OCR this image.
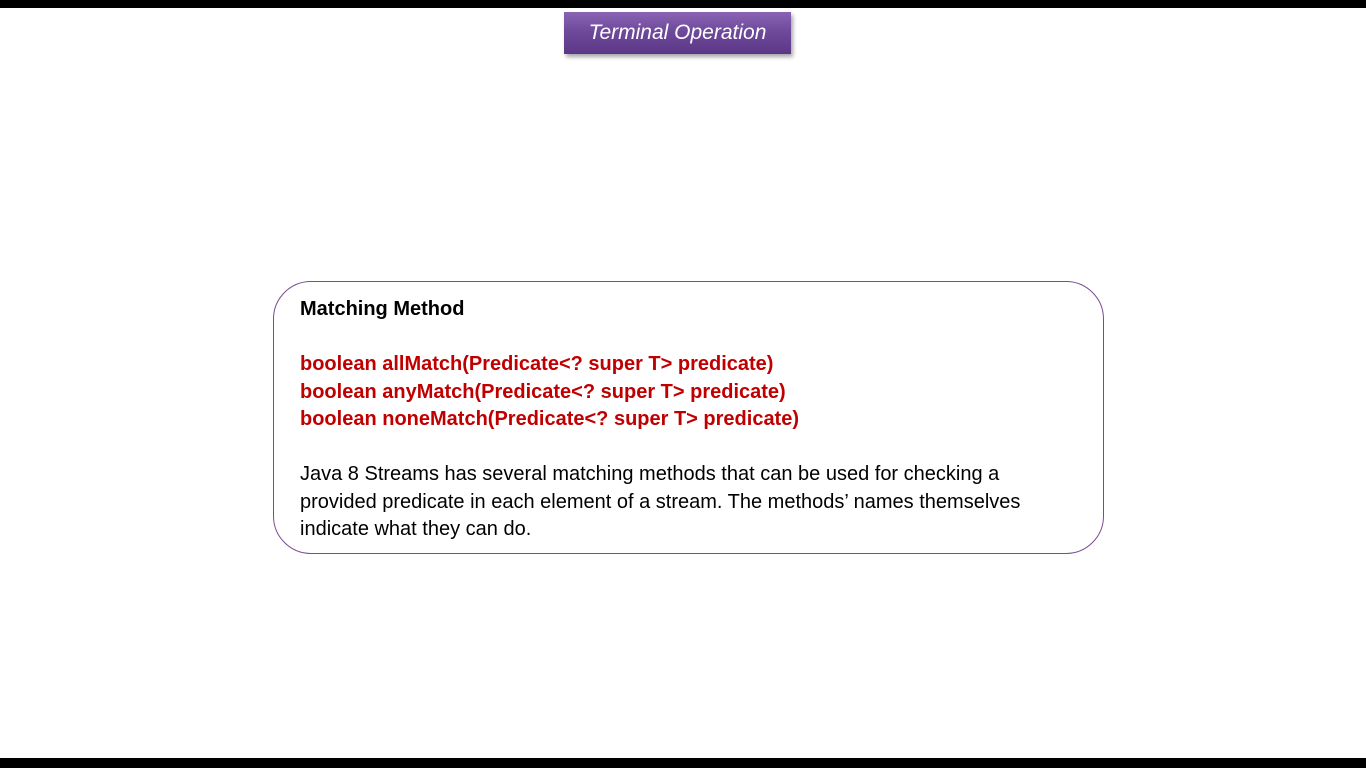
Terminal Operation
Matching Method
boolean allMatch(Predicate<? super T> predicate)
boolean anyMatch(Predicate<? super T> predicate)
boolean noneMatch(Predicate<? super T> predicate)

Java 8 Streams has several matching methods that can be used for checking a provided predicate in each element of a stream. The methods’ names themselves indicate what they can do.
